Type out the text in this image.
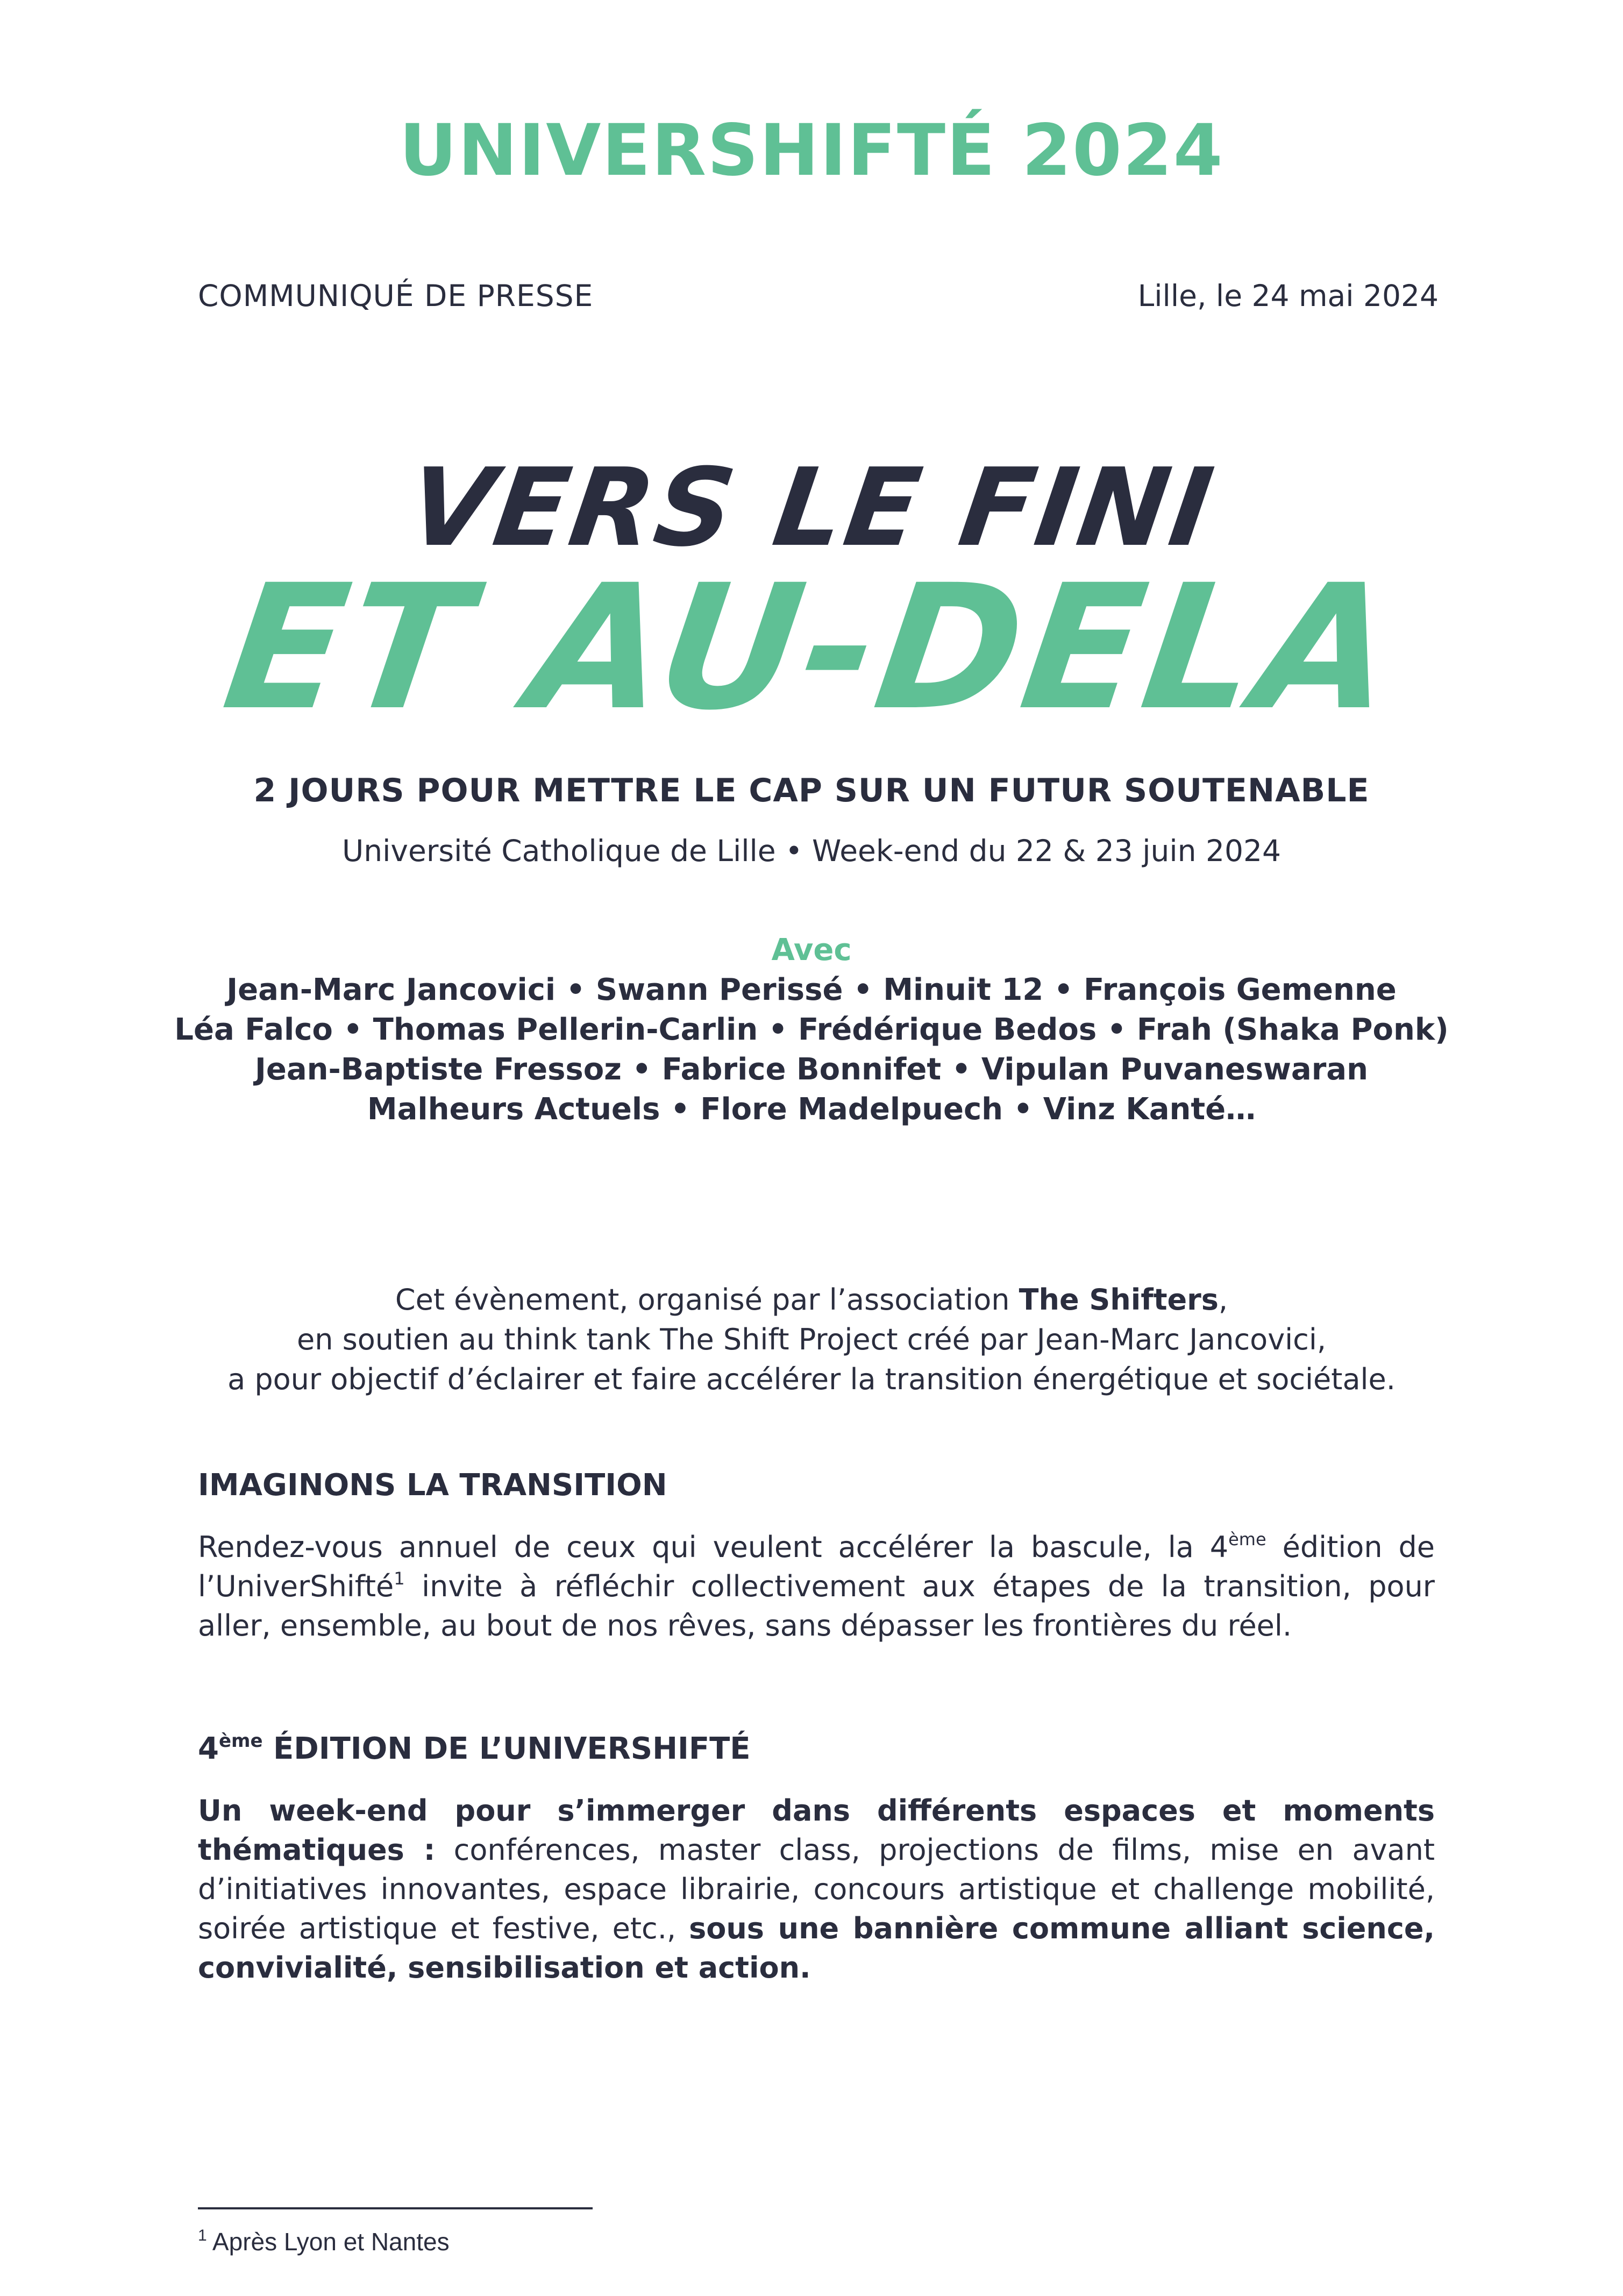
UNIVERSHIFTÉ 2024
COMMUNIQUÉ DE PRESSE	Lille, le 24 mai 2024
VERS LE FINI
ET AU-DELA
2 JOURS POUR METTRE LE CAP SUR UN FUTUR SOUTENABLE
Université Catholique de Lille • Week-end du 22 & 23 juin 2024
Avec
Jean-Marc Jancovici • Swann Perissé • Minuit 12 • François Gemenne
Léa Falco • Thomas Pellerin-Carlin • Frédérique Bedos • Frah (Shaka Ponk)
Jean-Baptiste Fressoz • Fabrice Bonnifet • Vipulan Puvaneswaran
Malheurs Actuels • Flore Madelpuech • Vinz Kanté…
Cet évènement, organisé par l’association The Shifters,
en soutien au think tank The Shift Project créé par Jean-Marc Jancovici,
a pour objectif d’éclairer et faire accélérer la transition énergétique et sociétale.
IMAGINONS LA TRANSITION
Rendez-vous annuel de ceux qui veulent accélérer la bascule, la 4ème édition de l’UniverShifté$^1$ invite à réfléchir collectivement aux étapes de la transition, pour aller, ensemble, au bout de nos rêves, sans dépasser les frontières du réel.
4ème ÉDITION DE L’UNIVERSHIFTÉ
Un week-end pour s’immerger dans différents espaces et moments thématiques : conférences, master class, projections de films, mise en avant d’initiatives innovantes, espace librairie, concours artistique et challenge mobilité, soirée artistique et festive, etc., sous une bannière commune alliant science, convivialité, sensibilisation et action.
$^1$ Après Lyon et Nantes
